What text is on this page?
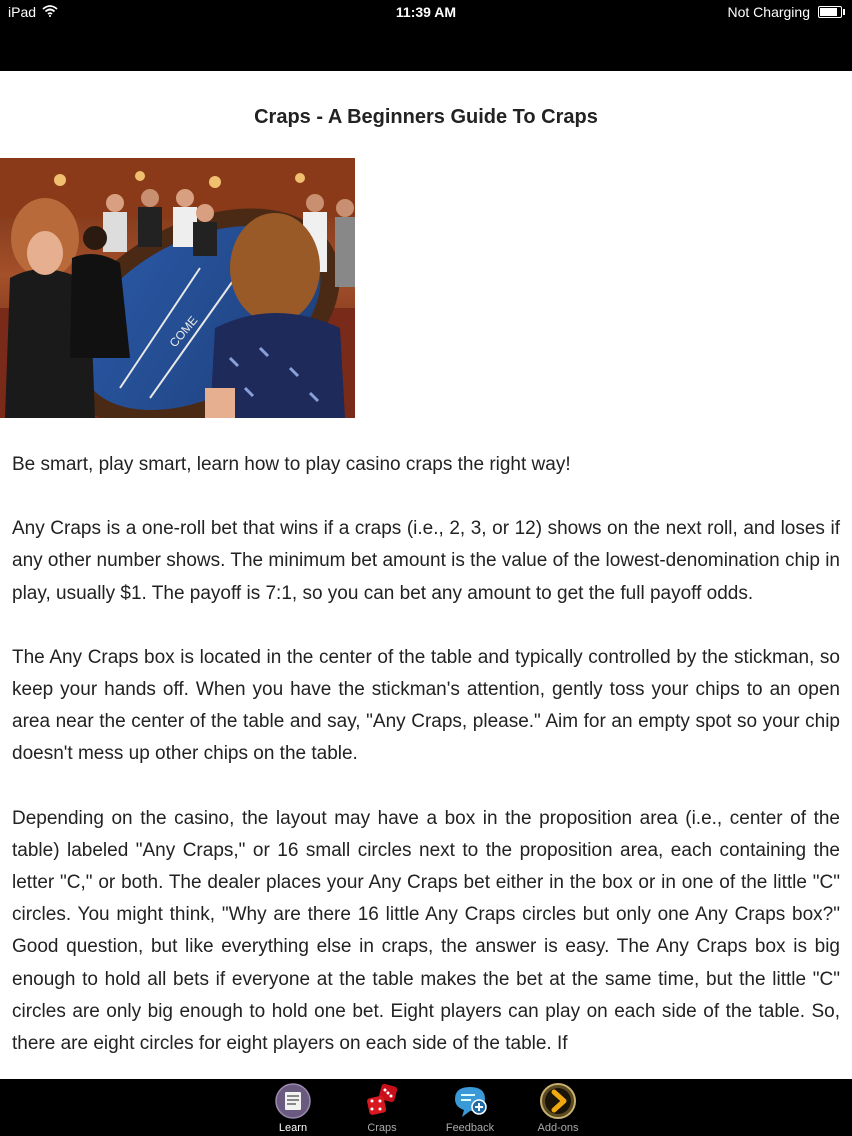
iPad	11:39 AM	Not Charging
Craps - A Beginners Guide To Craps
COME

Be smart, play smart, learn how to play casino craps the right way!

Any Craps is a one-roll bet that wins if a craps (i.e., 2, 3, or 12) shows on the next roll, and loses if any other number shows. The minimum bet amount is the value of the lowest-denomination chip in play, usually $1. The payoff is 7:1, so you can bet any amount to get the full payoff odds.

The Any Craps box is located in the center of the table and typically controlled by the stickman, so keep your hands off. When you have the stickman's attention, gently toss your chips to an open area near the center of the table and say, "Any Craps, please." Aim for an empty spot so your chip doesn't mess up other chips on the table.

Depending on the casino, the layout may have a box in the proposition area (i.e., center of the table) labeled "Any Craps," or 16 small circles next to the proposition area, each containing the letter "C," or both. The dealer places your Any Craps bet either in the box or in one of the little "C" circles. You might think, "Why are there 16 little Any Craps circles but only one Any Craps box?" Good question, but like everything else in craps, the answer is easy. The Any Craps box is big enough to hold all bets if everyone at the table makes the bet at the same time, but the little "C" circles are only big enough to hold one bet. Eight players can play on each side of the table. So, there are eight circles for eight players on each side of the table. If

Learn	Craps	Feedback	Add-ons
